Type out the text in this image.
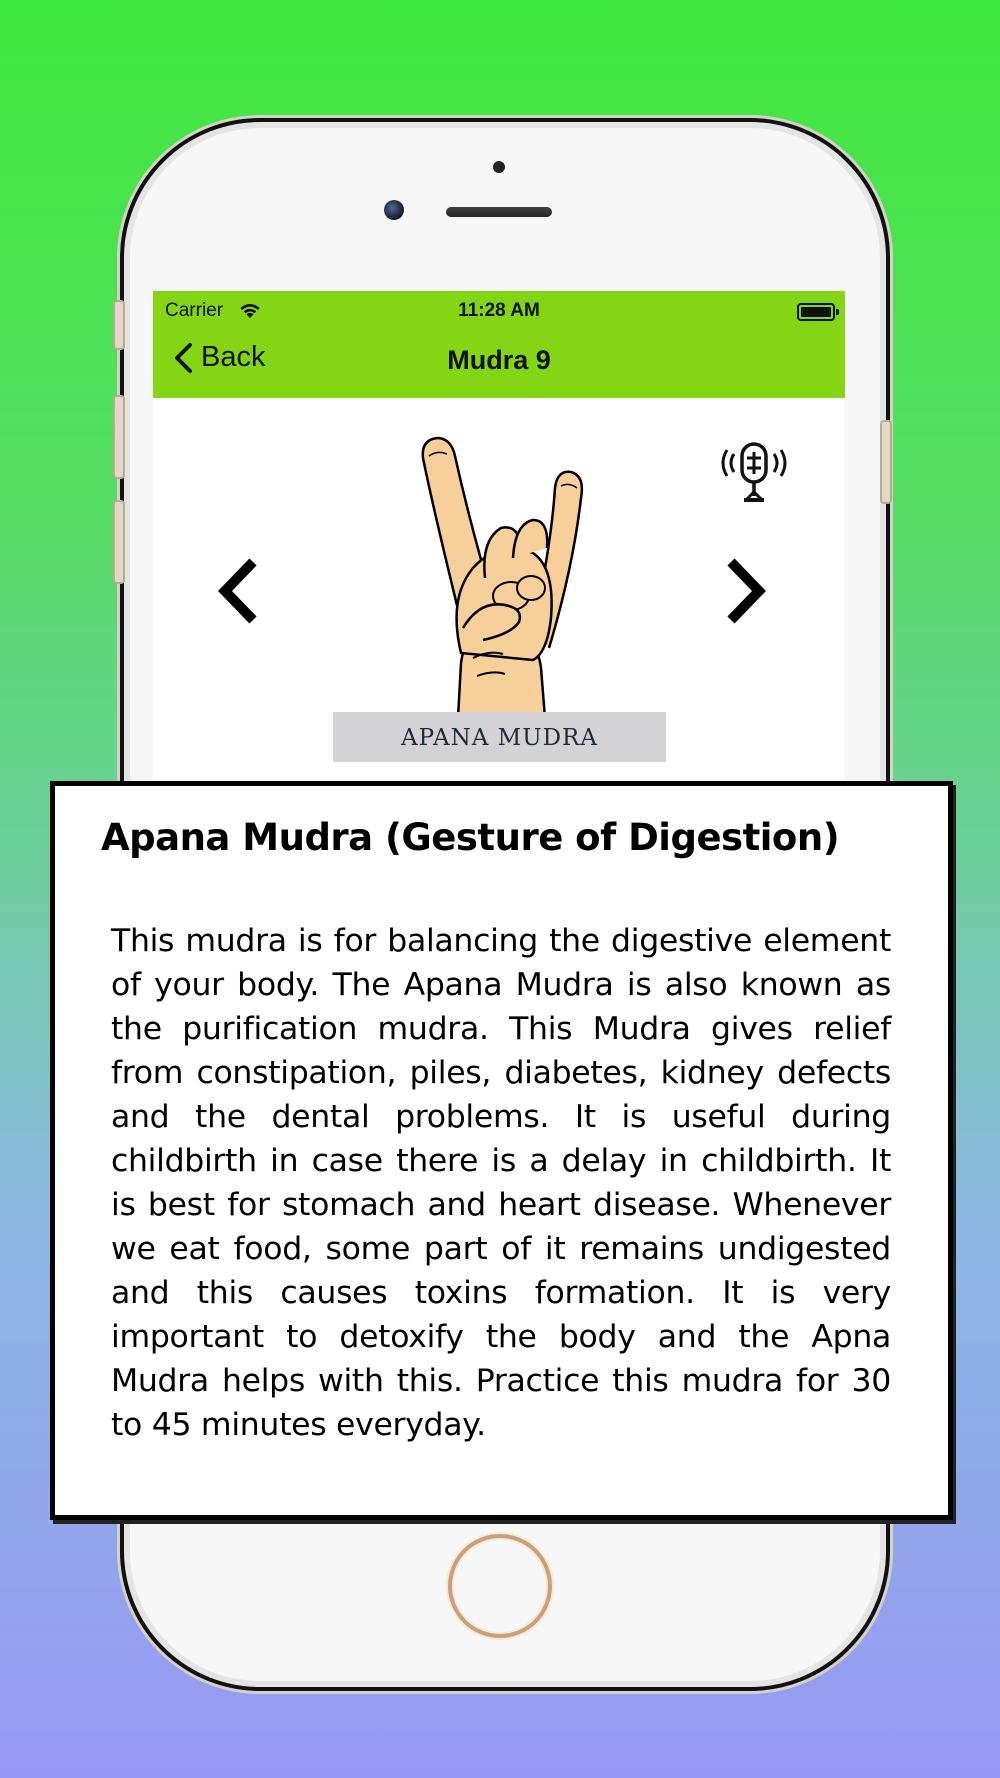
Carrier	11:28 AM
Back	Mudra 9
APANA MUDRA
Apana Mudra (Gesture of Digestion)
This mudra is for balancing the digestive element of your body. The Apana Mudra is also known as the purification mudra. This Mudra gives relief from constipation, piles, diabetes, kidney defects and the dental problems. It is useful during childbirth in case there is a delay in childbirth. It is best for stomach and heart disease. Whenever we eat food, some part of it remains undigested and this causes toxins formation. It is very important to detoxify the body and the Apna Mudra helps with this. Practice this mudra for 30 to 45 minutes everyday.
